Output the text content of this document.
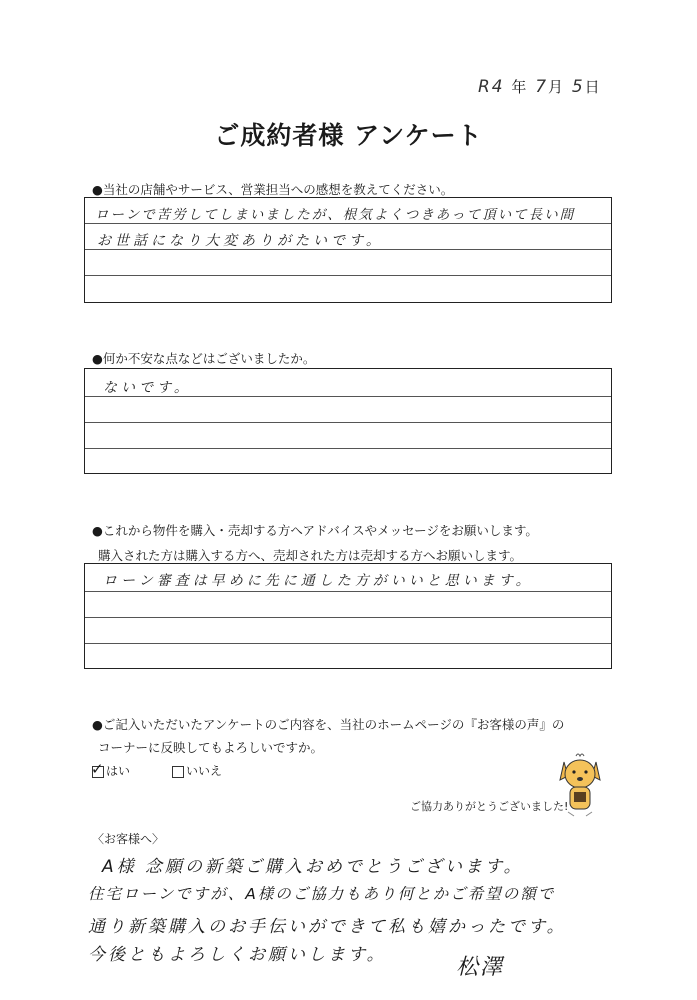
R4 年 7月 5日
ご成約者様 アンケート
●当社の店舗やサービス、営業担当への感想を教えてください。
ローンで苦労してしまいましたが、根気よくつきあって頂いて長い間
お世話になり大変ありがたいです。
●何か不安な点などはございましたか。
ないです。
●これから物件を購入・売却する方へアドバイスやメッセージをお願いします。
購入された方は購入する方へ、売却された方は売却する方へお願いします。
ローン審査は早めに先に通した方がいいと思います。
●ご記入いただいたアンケートのご内容を、当社のホームページの『お客様の声』の
コーナーに反映してもよろしいですか。
✓ はい	いいえ
ご協力ありがとうございました!
〈お客様へ〉
A様 念願の新築ご購入おめでとうございます。
住宅ローンですが、A様のご協力もあり何とかご希望の額で
通り新築購入のお手伝いができて私も嬉かったです。
今後ともよろしくお願いします。	松澤
